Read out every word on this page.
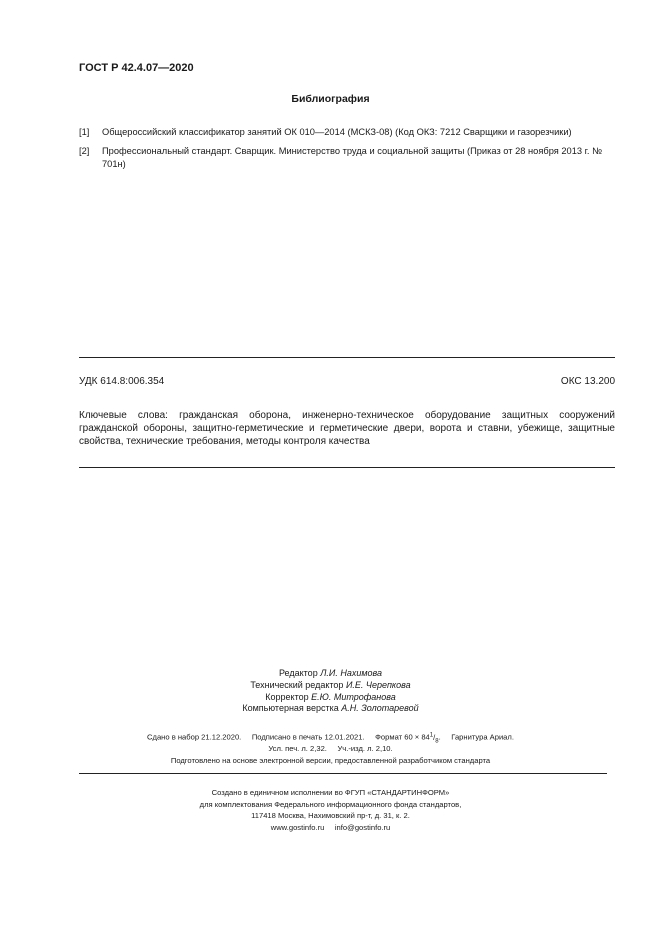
ГОСТ Р 42.4.07—2020
Библиография
[1] Общероссийский классификатор занятий ОК 010—2014 (МСКЗ-08) (Код ОКЗ: 7212 Сварщики и газорезчики)
[2] Профессиональный стандарт. Сварщик. Министерство труда и социальной защиты (Приказ от 28 ноября 2013 г. № 701н)
УДК 614.8:006.354	ОКС 13.200
Ключевые слова: гражданская оборона, инженерно-техническое оборудование защитных сооружений гражданской обороны, защитно-герметические и герметические двери, ворота и ставни, убежище, защитные свойства, технические требования, методы контроля качества
Редактор Л.И. Нахимова
Технический редактор И.Е. Черепкова
Корректор Е.Ю. Митрофанова
Компьютерная верстка А.Н. Золотаревой
Сдано в набор 21.12.2020.     Подписано в печать 12.01.2021.     Формат $60 \times 84^1/_8$.     Гарнитура Ариал.
Усл. печ. л. 2,32.     Уч.-изд. л. 2,10.
Подготовлено на основе электронной версии, предоставленной разработчиком стандарта
Создано в единичном исполнении во ФГУП «СТАНДАРТИНФОРМ»
для комплектования Федерального информационного фонда стандартов,
117418 Москва, Нахимовский пр-т, д. 31, к. 2.
www.gostinfo.ru     info@gostinfo.ru
